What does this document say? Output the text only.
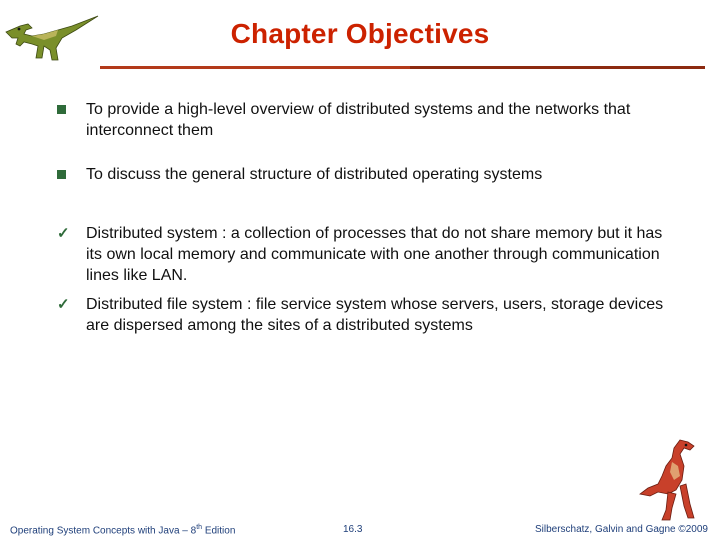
Chapter Objectives
To provide a high-level overview of distributed systems and the networks that interconnect them
To discuss the general structure of distributed operating systems
✓ Distributed system : a collection of processes that do not share memory but it has its own local memory and communicate with one another through communication lines like LAN.
✓ Distributed file system : file service system whose servers, users, storage devices are dispersed among the sites of a distributed systems
Operating System Concepts with Java – 8th Edition	16.3	Silberschatz, Galvin and Gagne ©2009
